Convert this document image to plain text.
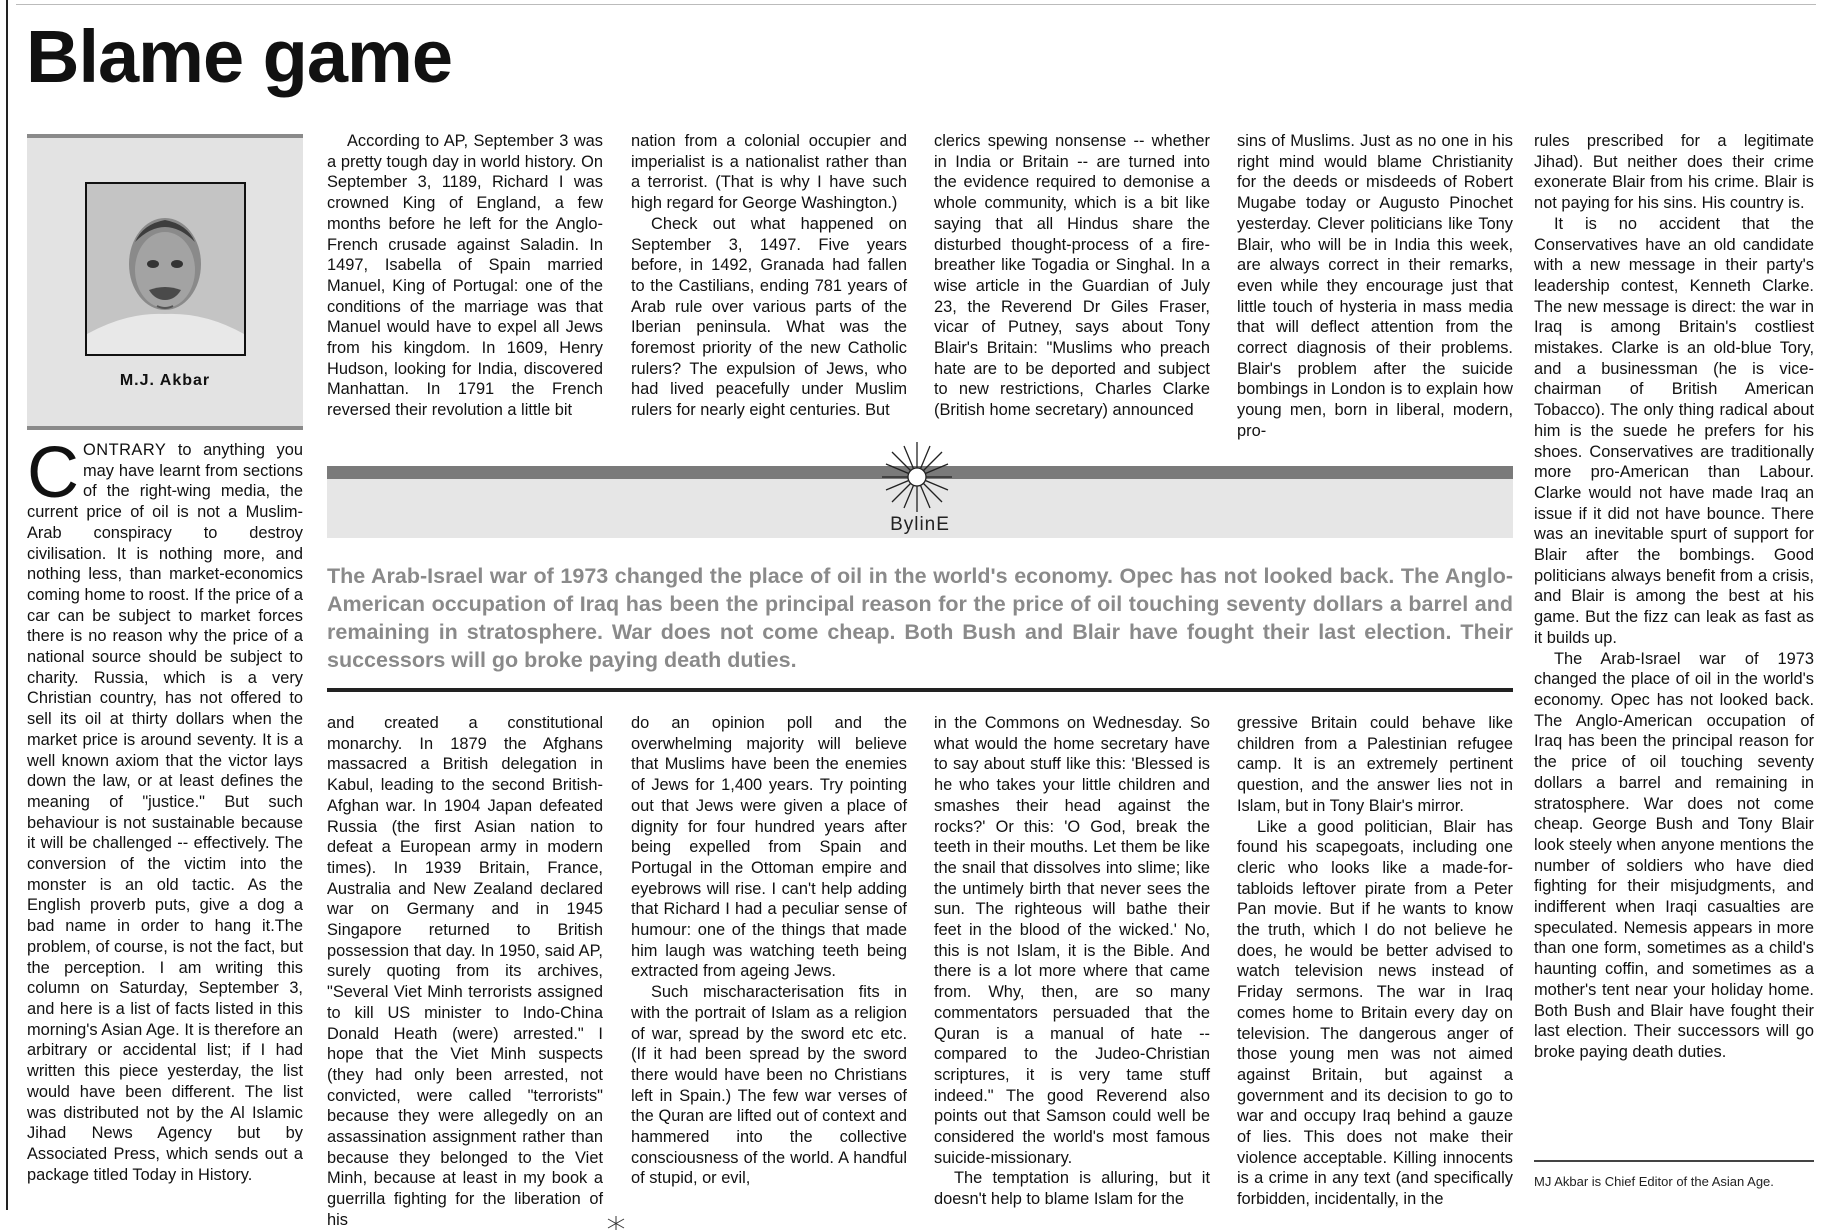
Blame game
M.J. Akbar

CONTRARY to anything you may have learnt from sections of the right-wing media, the current price of oil is not a Muslim-Arab conspiracy to destroy civilisation. It is nothing more, and nothing less, than market-economics coming home to roost. If the price of a car can be subject to market forces there is no reason why the price of a national source should be subject to charity. Russia, which is a very Christian country, has not offered to sell its oil at thirty dollars when the market price is around seventy. It is a well known axiom that the victor lays down the law, or at least defines the meaning of "justice." But such behaviour is not sustainable because it will be challenged -- effectively. The conversion of the victim into the monster is an old tactic. As the English proverb puts, give a dog a bad name in order to hang it.The problem, of course, is not the fact, but the perception. I am writing this column on Saturday, September 3, and here is a list of facts listed in this morning's Asian Age. It is therefore an arbitrary or accidental list; if I had written this piece yesterday, the list would have been different. The list was distributed not by the Al Islamic Jihad News Agency but by Associated Press, which sends out a package titled Today in History.

According to AP, September 3 was a pretty tough day in world history. On September 3, 1189, Richard I was crowned King of England, a few months before he left for the Anglo-French crusade against Saladin. In 1497, Isabella of Spain married Manuel, King of Portugal: one of the conditions of the marriage was that Manuel would have to expel all Jews from his kingdom. In 1609, Henry Hudson, looking for India, discovered Manhattan. In 1791 the French reversed their revolution a little bit

nation from a colonial occupier and imperialist is a nationalist rather than a terrorist. (That is why I have such high regard for George Washington.)

Check out what happened on September 3, 1497. Five years before, in 1492, Granada had fallen to the Castilians, ending 781 years of Arab rule over various parts of the Iberian peninsula. What was the foremost priority of the new Catholic rulers? The expulsion of Jews, who had lived peacefully under Muslim rulers for nearly eight centuries. But

clerics spewing nonsense -- whether in India or Britain -- are turned into the evidence required to demonise a whole community, which is a bit like saying that all Hindus share the disturbed thought-process of a fire-breather like Togadia or Singhal. In a wise article in the Guardian of July 23, the Reverend Dr Giles Fraser, vicar of Putney, says about Tony Blair's Britain: "Muslims who preach hate are to be deported and subject to new restrictions, Charles Clarke (British home secretary) announced

sins of Muslims. Just as no one in his right mind would blame Christianity for the deeds or misdeeds of Robert Mugabe today or Augusto Pinochet yesterday. Clever politicians like Tony Blair, who will be in India this week, are always correct in their remarks, even while they encourage just that little touch of hysteria in mass media that will deflect attention from the correct diagnosis of their problems. Blair's problem after the suicide bombings in London is to explain how young men, born in liberal, modern, pro-

BylinE
The Arab-Israel war of 1973 changed the place of oil in the world's economy. Opec has not looked back. The Anglo-American occupation of Iraq has been the principal reason for the price of oil touching seventy dollars a barrel and remaining in stratosphere. War does not come cheap. Both Bush and Blair have fought their last election. Their successors will go broke paying death duties.

and created a constitutional monarchy. In 1879 the Afghans massacred a British delegation in Kabul, leading to the second British-Afghan war. In 1904 Japan defeated Russia (the first Asian nation to defeat a European army in modern times). In 1939 Britain, France, Australia and New Zealand declared war on Germany and in 1945 Singapore returned to British possession that day. In 1950, said AP, surely quoting from its archives, "Several Viet Minh terrorists assigned to kill US minister to Indo-China Donald Heath (were) arrested." I hope that the Viet Minh suspects (they had only been arrested, not convicted, were called "terrorists" because they were allegedly on an assassination assignment rather than because they belonged to the Viet Minh, because at least in my book a guerrilla fighting for the liberation of his

do an opinion poll and the overwhelming majority will believe that Muslims have been the enemies of Jews for 1,400 years. Try pointing out that Jews were given a place of dignity for four hundred years after being expelled from Spain and Portugal in the Ottoman empire and eyebrows will rise. I can't help adding that Richard I had a peculiar sense of humour: one of the things that made him laugh was watching teeth being extracted from ageing Jews.

Such mischaracterisation fits in with the portrait of Islam as a religion of war, spread by the sword etc etc. (If it had been spread by the sword there would have been no Christians left in Spain.) The few war verses of the Quran are lifted out of context and hammered into the collective consciousness of the world. A handful of stupid, or evil,

in the Commons on Wednesday. So what would the home secretary have to say about stuff like this: 'Blessed is he who takes your little children and smashes their head against the rocks?' Or this: 'O God, break the teeth in their mouths. Let them be like the snail that dissolves into slime; like the untimely birth that never sees the sun. The righteous will bathe their feet in the blood of the wicked.' No, this is not Islam, it is the Bible. And there is a lot more where that came from. Why, then, are so many commentators persuaded that the Quran is a manual of hate -- compared to the Judeo-Christian scriptures, it is very tame stuff indeed." The good Reverend also points out that Samson could well be considered the world's most famous suicide-missionary.

The temptation is alluring, but it doesn't help to blame Islam for the

gressive Britain could behave like children from a Palestinian refugee camp. It is an extremely pertinent question, and the answer lies not in Islam, but in Tony Blair's mirror.

Like a good politician, Blair has found his scapegoats, including one cleric who looks like a made-for-tabloids leftover pirate from a Peter Pan movie. But if he wants to know the truth, which I do not believe he does, he would be better advised to watch television news instead of Friday sermons. The war in Iraq comes home to Britain every day on television. The dangerous anger of those young men was not aimed against Britain, but against a government and its decision to go to war and occupy Iraq behind a gauze of lies. This does not make their violence acceptable. Killing innocents is a crime in any text (and specifically forbidden, incidentally, in the

rules prescribed for a legitimate Jihad). But neither does their crime exonerate Blair from his crime. Blair is not paying for his sins. His country is.

It is no accident that the Conservatives have an old candidate with a new message in their party's leadership contest, Kenneth Clarke. The new message is direct: the war in Iraq is among Britain's costliest mistakes. Clarke is an old-blue Tory, and a businessman (he is vice-chairman of British American Tobacco). The only thing radical about him is the suede he prefers for his shoes. Conservatives are traditionally more pro-American than Labour. Clarke would not have made Iraq an issue if it did not have bounce. There was an inevitable spurt of support for Blair after the bombings. Good politicians always benefit from a crisis, and Blair is among the best at his game. But the fizz can leak as fast as it builds up.

The Arab-Israel war of 1973 changed the place of oil in the world's economy. Opec has not looked back. The Anglo-American occupation of Iraq has been the principal reason for the price of oil touching seventy dollars a barrel and remaining in stratosphere. War does not come cheap. George Bush and Tony Blair look steely when anyone mentions the number of soldiers who have died fighting for their misjudgments, and indifferent when Iraqi casualties are speculated. Nemesis appears in more than one form, sometimes as a child's haunting coffin, and sometimes as a mother's tent near your holiday home. Both Bush and Blair have fought their last election. Their successors will go broke paying death duties.

MJ Akbar is Chief Editor of the Asian Age.
